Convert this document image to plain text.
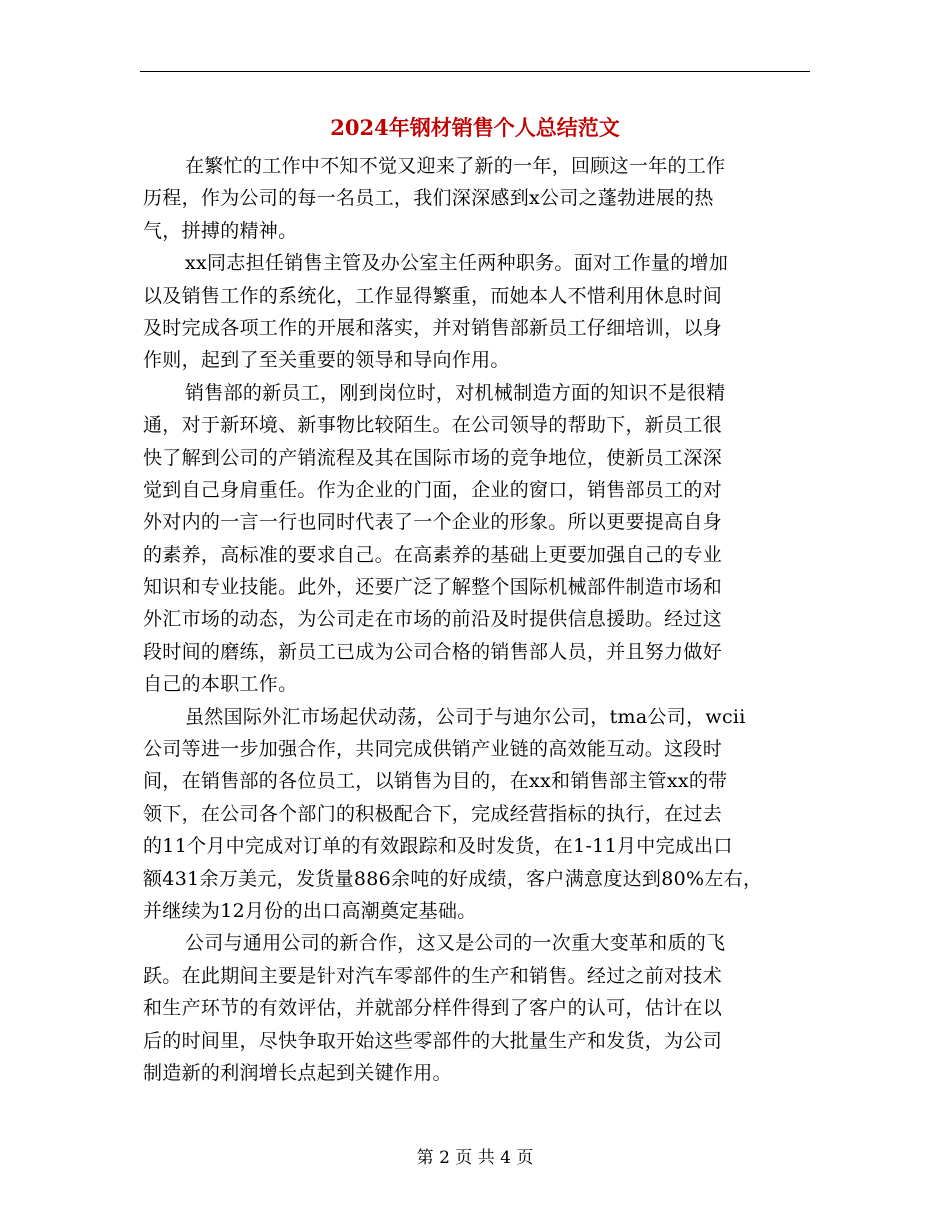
2024年钢材销售个人总结范文
在繁忙的工作中不知不觉又迎来了新的一年，回顾这一年的工作
历程，作为公司的每一名员工，我们深深感到x公司之蓬勃进展的热
气，拼搏的精神。
xx同志担任销售主管及办公室主任两种职务。面对工作量的增加
以及销售工作的系统化，工作显得繁重，而她本人不惜利用休息时间
及时完成各项工作的开展和落实，并对销售部新员工仔细培训，以身
作则，起到了至关重要的领导和导向作用。
销售部的新员工，刚到岗位时，对机械制造方面的知识不是很精
通，对于新环境、新事物比较陌生。在公司领导的帮助下，新员工很
快了解到公司的产销流程及其在国际市场的竞争地位，使新员工深深
觉到自己身肩重任。作为企业的门面，企业的窗口，销售部员工的对
外对内的一言一行也同时代表了一个企业的形象。所以更要提高自身
的素养，高标准的要求自己。在高素养的基础上更要加强自己的专业
知识和专业技能。此外，还要广泛了解整个国际机械部件制造市场和
外汇市场的动态，为公司走在市场的前沿及时提供信息援助。经过这
段时间的磨练，新员工已成为公司合格的销售部人员，并且努力做好
自己的本职工作。
虽然国际外汇市场起伏动荡，公司于与迪尔公司，tma公司，wcii
公司等进一步加强合作，共同完成供销产业链的高效能互动。这段时
间，在销售部的各位员工，以销售为目的，在xx和销售部主管xx的带
领下，在公司各个部门的积极配合下，完成经营指标的执行，在过去
的11个月中完成对订单的有效跟踪和及时发货，在1-11月中完成出口
额431余万美元，发货量886余吨的好成绩，客户满意度达到80%左右，
并继续为12月份的出口高潮奠定基础。
公司与通用公司的新合作，这又是公司的一次重大变革和质的飞
跃。在此期间主要是针对汽车零部件的生产和销售。经过之前对技术
和生产环节的有效评估，并就部分样件得到了客户的认可，估计在以
后的时间里，尽快争取开始这些零部件的大批量生产和发货，为公司
制造新的利润增长点起到关键作用。
第 2 页 共 4 页
